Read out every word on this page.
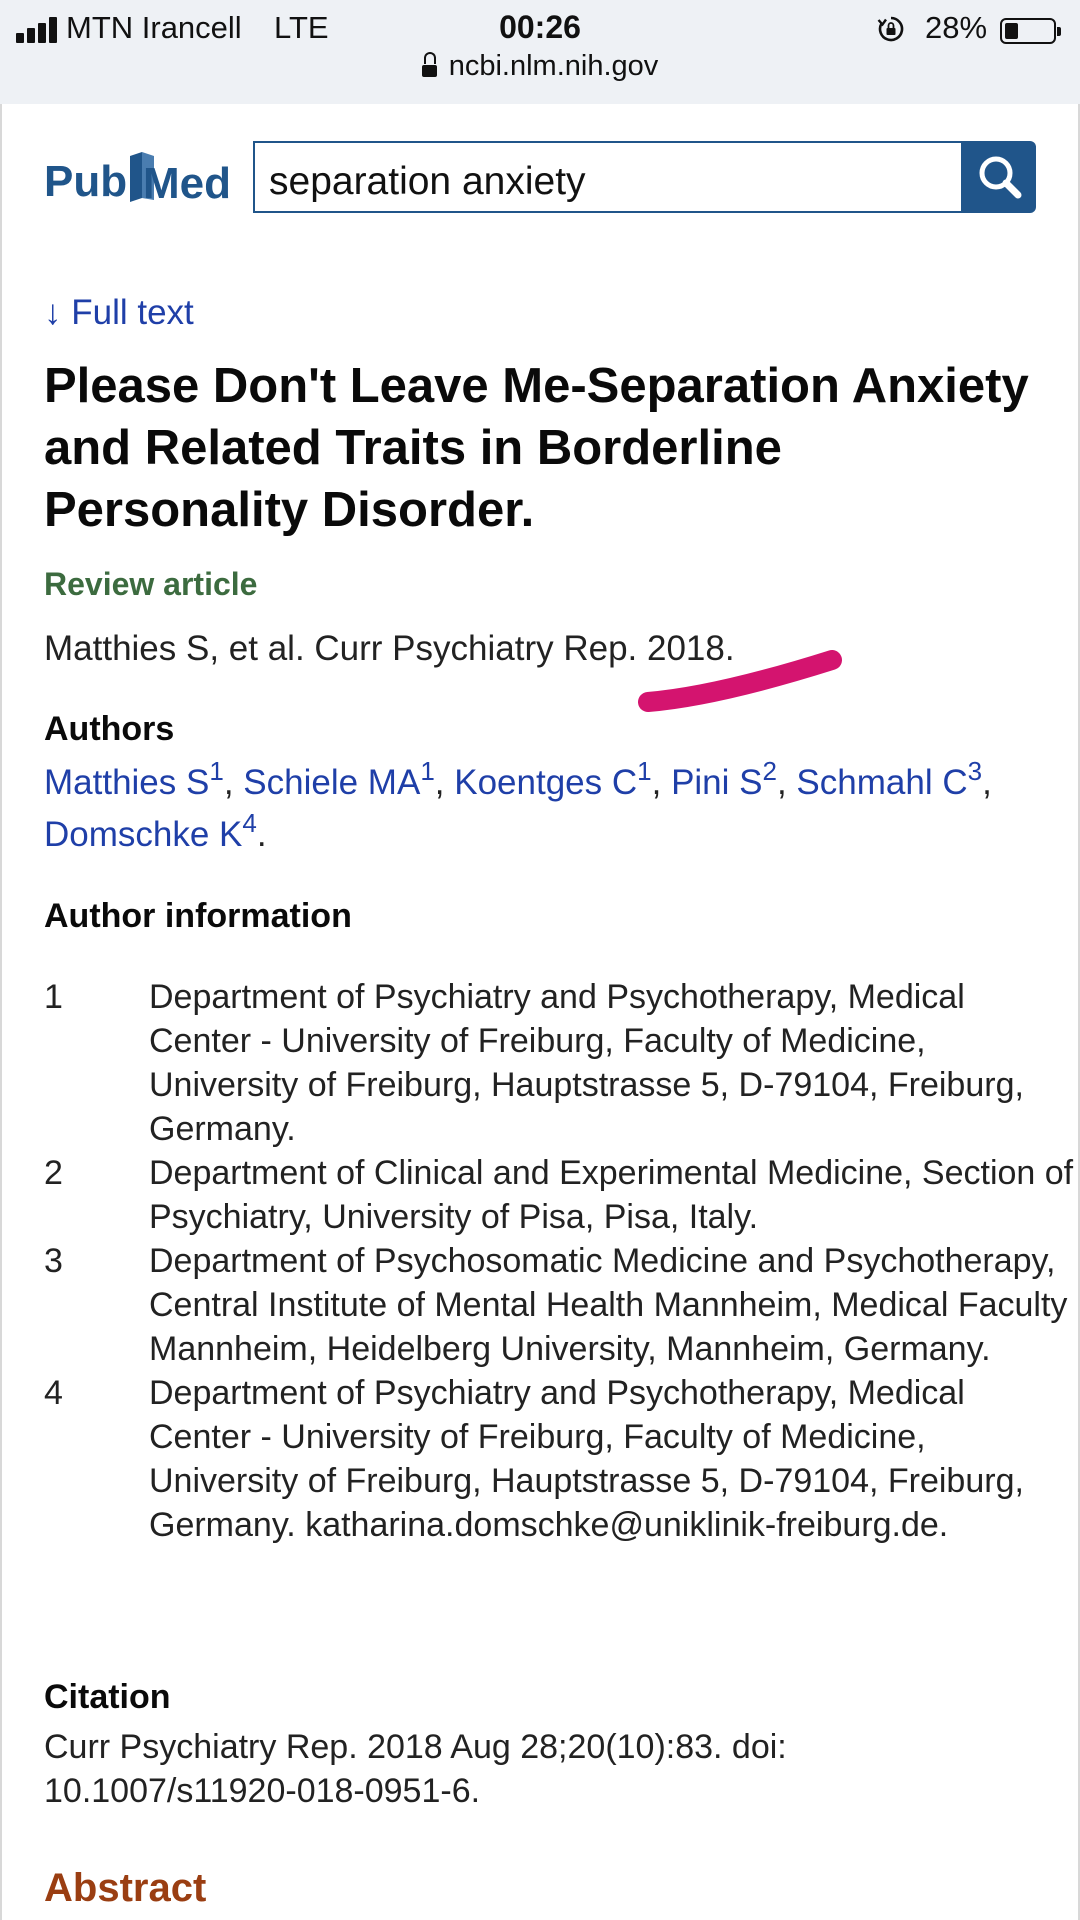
MTN Irancell LTE	00:26	28%
ncbi.nlm.nih.gov
Pub Med
separation anxiety
↓ Full text
Please Don't Leave Me-Separation Anxiety and Related Traits in Borderline Personality Disorder.
Review article
Matthies S, et al. Curr Psychiatry Rep. 2018.
Authors
Matthies S$^1$, Schiele MA$^1$, Koentges C$^1$, Pini S$^2$, Schmahl C$^3$, Domschke K$^4$.
Author information
1	Department of Psychiatry and Psychotherapy, Medical Center - University of Freiburg, Faculty of Medicine, University of Freiburg, Hauptstrasse 5, D-79104, Freiburg, Germany.
2	Department of Clinical and Experimental Medicine, Section of Psychiatry, University of Pisa, Pisa, Italy.
3	Department of Psychosomatic Medicine and Psychotherapy, Central Institute of Mental Health Mannheim, Medical Faculty Mannheim, Heidelberg University, Mannheim, Germany.
4	Department of Psychiatry and Psychotherapy, Medical Center - University of Freiburg, Faculty of Medicine, University of Freiburg, Hauptstrasse 5, D-79104, Freiburg, Germany. katharina.domschke@uniklinik-freiburg.de.
Citation
Curr Psychiatry Rep. 2018 Aug 28;20(10):83. doi: 10.1007/s11920-018-0951-6.
Abstract
